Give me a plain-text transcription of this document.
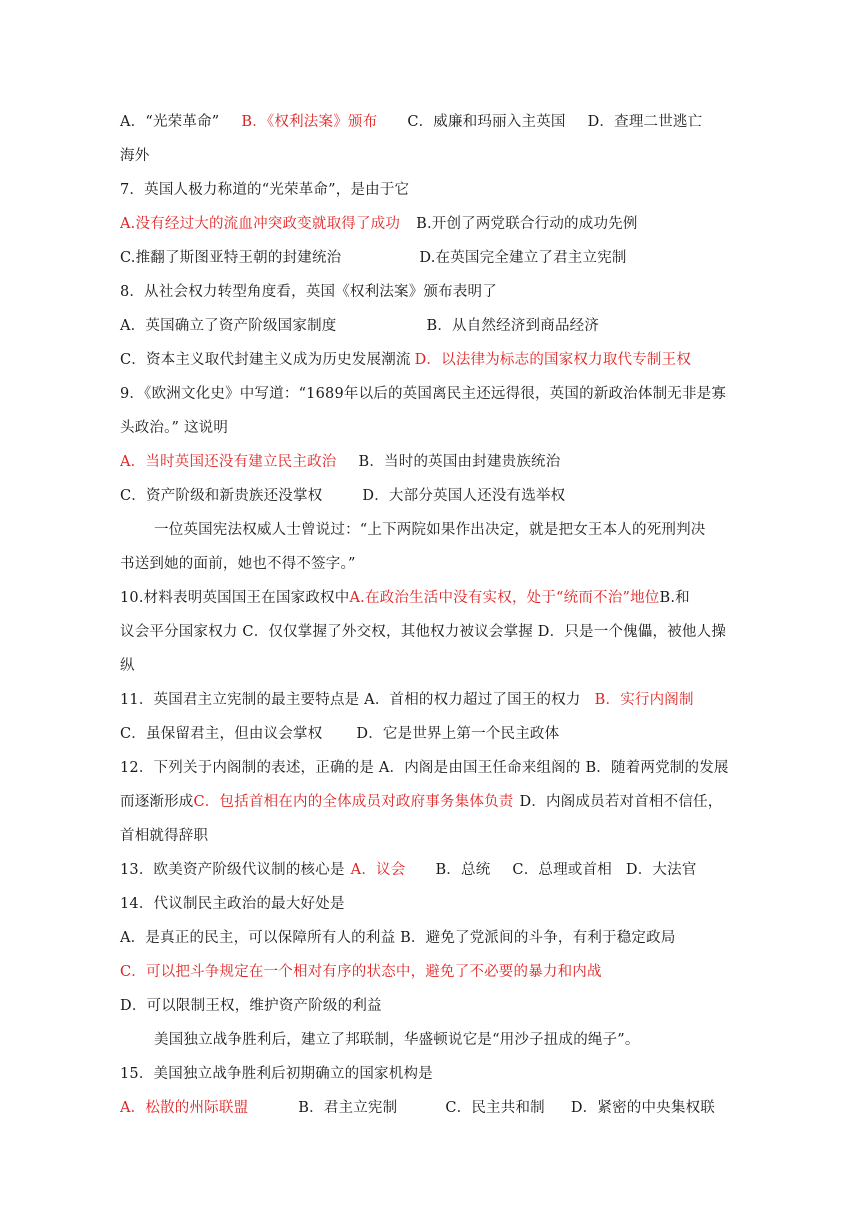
A．“光荣革命” B．《权利法案》颁布 C．威廉和玛丽入主英国 D．查理二世逃亡
海外
7．英国人极力称道的“光荣革命”，是由于它
A.没有经过大的流血冲突政变就取得了成功 B.开创了两党联合行动的成功先例
C.推翻了斯图亚特王朝的封建统治	D.在英国完全建立了君主立宪制
8．从社会权力转型角度看，英国《权利法案》颁布表明了
A．英国确立了资产阶级国家制度	B．从自然经济到商品经济
C．资本主义取代封建主义成为历史发展潮流 D．以法律为标志的国家权力取代专制王权
9．《欧洲文化史》中写道：“1689年以后的英国离民主还远得很，英国的新政治体制无非是寡
头政治。” 这说明
A．当时英国还没有建立民主政治 B．当时的英国由封建贵族统治
C．资产阶级和新贵族还没掌权	D．大部分英国人还没有选举权
一位英国宪法权威人士曾说过：“上下两院如果作出决定，就是把女王本人的死刑判决
书送到她的面前，她也不得不签字。”
10.材料表明英国国王在国家政权中A.在政治生活中没有实权，处于“统而不治”地位B.和
议会平分国家权力 C．仅仅掌握了外交权，其他权力被议会掌握 D．只是一个傀儡，被他人操
纵
11．英国君主立宪制的最主要特点是 A．首相的权力超过了国王的权力 B．实行内阁制
C．虽保留君主，但由议会掌权 D．它是世界上第一个民主政体
12．下列关于内阁制的表述，正确的是 A．内阁是由国王任命来组阁的 B．随着两党制的发展
而逐渐形成C．包括首相在内的全体成员对政府事务集体负责 D．内阁成员若对首相不信任，
首相就得辞职
13．欧美资产阶级代议制的核心是 A．议会 B．总统 C．总理或首相 D．大法官
14．代议制民主政治的最大好处是
A．是真正的民主，可以保障所有人的利益 B．避免了党派间的斗争，有利于稳定政局
C．可以把斗争规定在一个相对有序的状态中，避免了不必要的暴力和内战
D．可以限制王权，维护资产阶级的利益
美国独立战争胜利后，建立了邦联制，华盛顿说它是“用沙子扭成的绳子”。
15．美国独立战争胜利后初期确立的国家机构是
A．松散的州际联盟	B．君主立宪制	C．民主共和制 D．紧密的中央集权联
